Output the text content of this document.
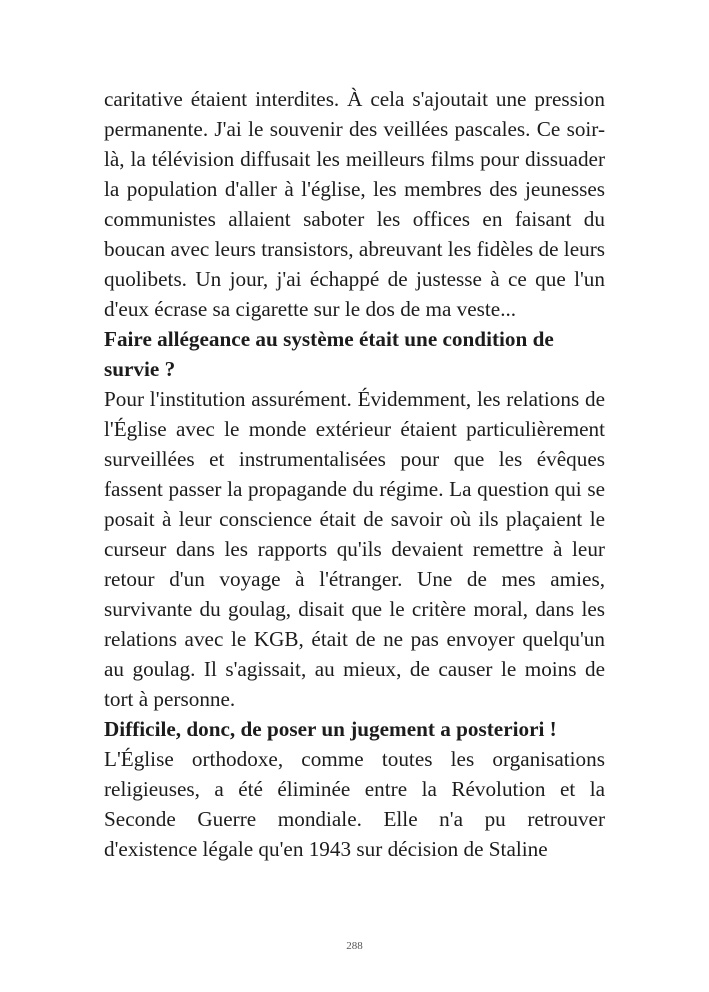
caritative étaient interdites. À cela s'ajoutait une pression permanente. J'ai le souvenir des veillées pascales. Ce soir-là, la télévision diffusait les meilleurs films pour dissuader la population d'aller à l'église, les membres des jeunesses communistes allaient saboter les offices en faisant du boucan avec leurs transistors, abreuvant les fidèles de leurs quolibets. Un jour, j'ai échappé de justesse à ce que l'un d'eux écrase sa cigarette sur le dos de ma veste...

Faire allégeance au système était une condition de survie ?

Pour l'institution assurément. Évidemment, les relations de l'Église avec le monde extérieur étaient particulièrement surveillées et instrumentalisées pour que les évêques fassent passer la propagande du régime. La question qui se posait à leur conscience était de savoir où ils plaçaient le curseur dans les rapports qu'ils devaient remettre à leur retour d'un voyage à l'étranger. Une de mes amies, survivante du goulag, disait que le critère moral, dans les relations avec le KGB, était de ne pas envoyer quelqu'un au goulag. Il s'agissait, au mieux, de causer le moins de tort à personne.

Difficile, donc, de poser un jugement a posteriori !

L'Église orthodoxe, comme toutes les organisations religieuses, a été éliminée entre la Révolution et la Seconde Guerre mondiale. Elle n'a pu retrouver d'existence légale qu'en 1943 sur décision de Staline

288
